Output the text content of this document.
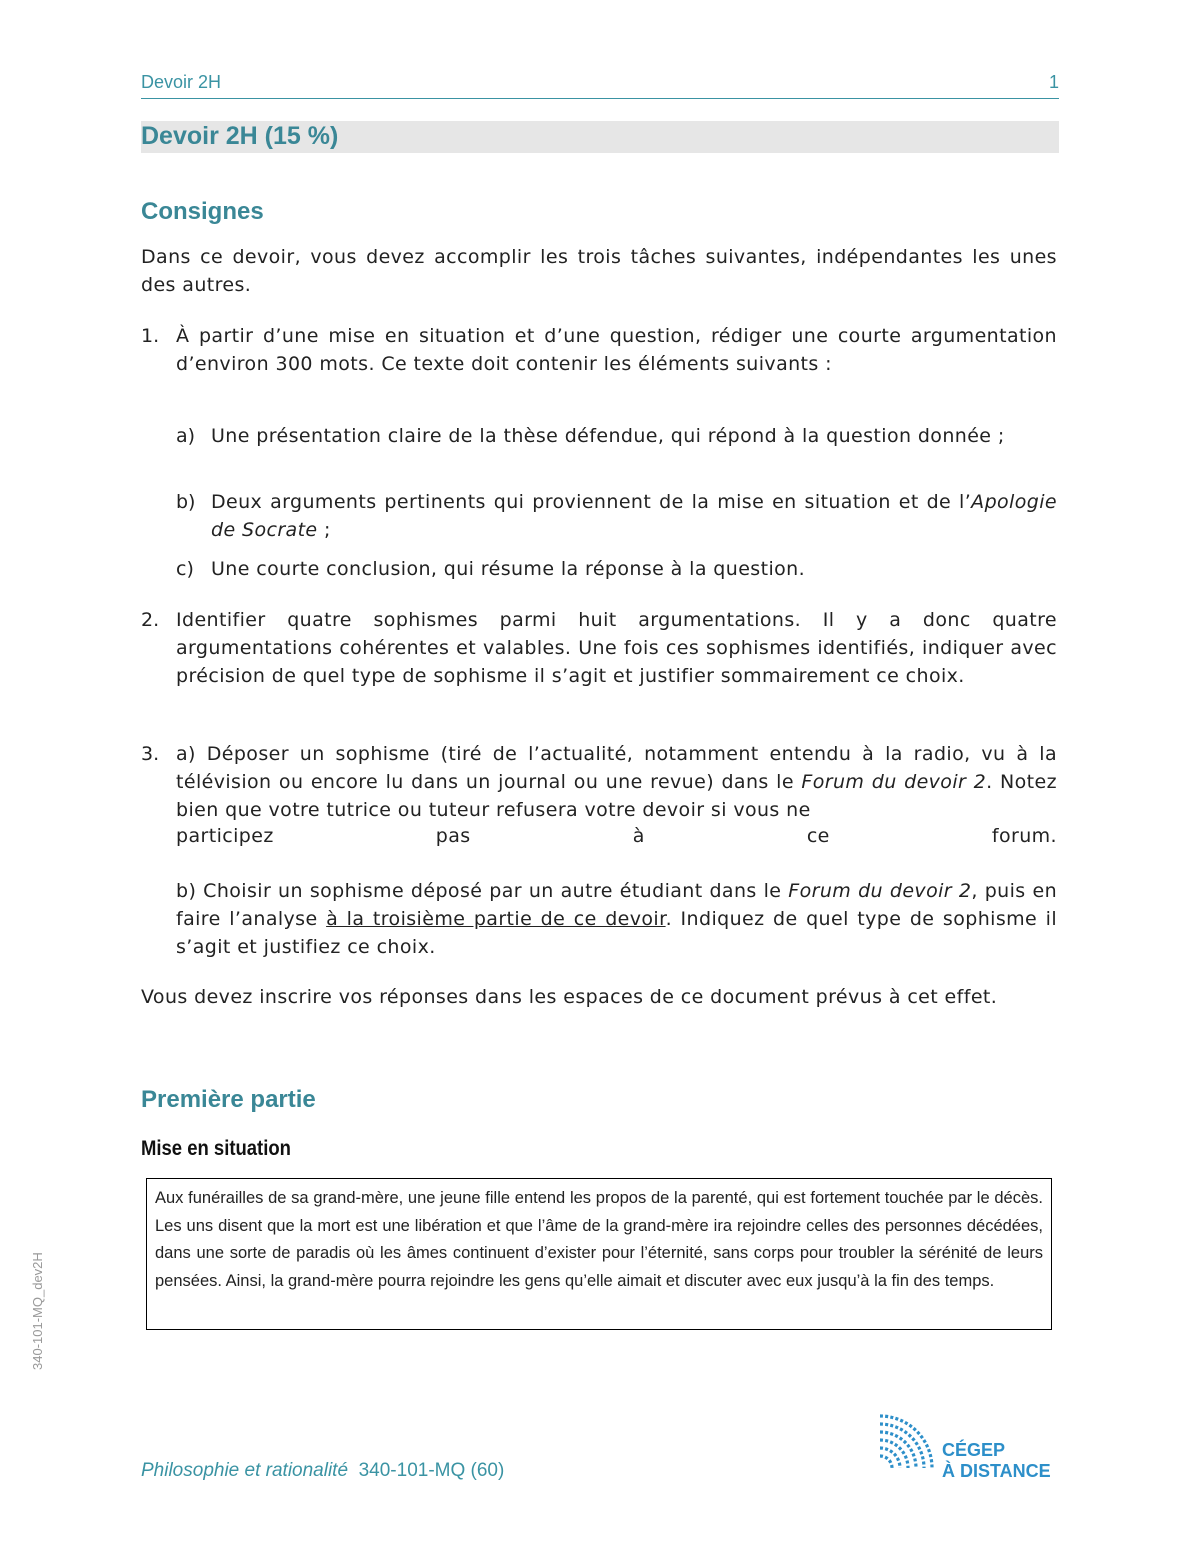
Devoir 2H	1
Devoir 2H (15 %)
Consignes
Dans ce devoir, vous devez accomplir les trois tâches suivantes, indépendantes les unes des autres.
1. À partir d’une mise en situation et d’une question, rédiger une courte argumentation d’environ 300 mots. Ce texte doit contenir les éléments suivants :
a) Une présentation claire de la thèse défendue, qui répond à la question donnée ;
b) Deux arguments pertinents qui proviennent de la mise en situation et de l’Apologie de Socrate ;
c) Une courte conclusion, qui résume la réponse à la question.
2. Identifier quatre sophismes parmi huit argumentations. Il y a donc quatre argumentations cohérentes et valables. Une fois ces sophismes identifiés, indiquer avec précision de quel type de sophisme il s’agit et justifier sommairement ce choix.
3. a) Déposer un sophisme (tiré de l’actualité, notamment entendu à la radio, vu à la télévision ou encore lu dans un journal ou une revue) dans le Forum du devoir 2. Notez bien que votre tutrice ou tuteur refusera votre devoir si vous ne
participez pas à ce forum.
b) Choisir un sophisme déposé par un autre étudiant dans le Forum du devoir 2, puis en faire l’analyse à la troisième partie de ce devoir. Indiquez de quel type de sophisme il s’agit et justifiez ce choix.
Vous devez inscrire vos réponses dans les espaces de ce document prévus à cet effet.
Première partie
Mise en situation
Aux funérailles de sa grand-mère, une jeune fille entend les propos de la parenté, qui est fortement touchée par le décès. Les uns disent que la mort est une libération et que l’âme de la grand-mère ira rejoindre celles des personnes décédées, dans une sorte de paradis où les âmes continuent d’exister pour l’éternité, sans corps pour troubler la sérénité de leurs pensées. Ainsi, la grand-mère pourra rejoindre les gens qu’elle aimait et discuter avec eux jusqu’à la fin des temps.
340-101-MQ_dev2H
Philosophie et rationalité 340-101-MQ (60)
CÉGEP
À DISTANCE
